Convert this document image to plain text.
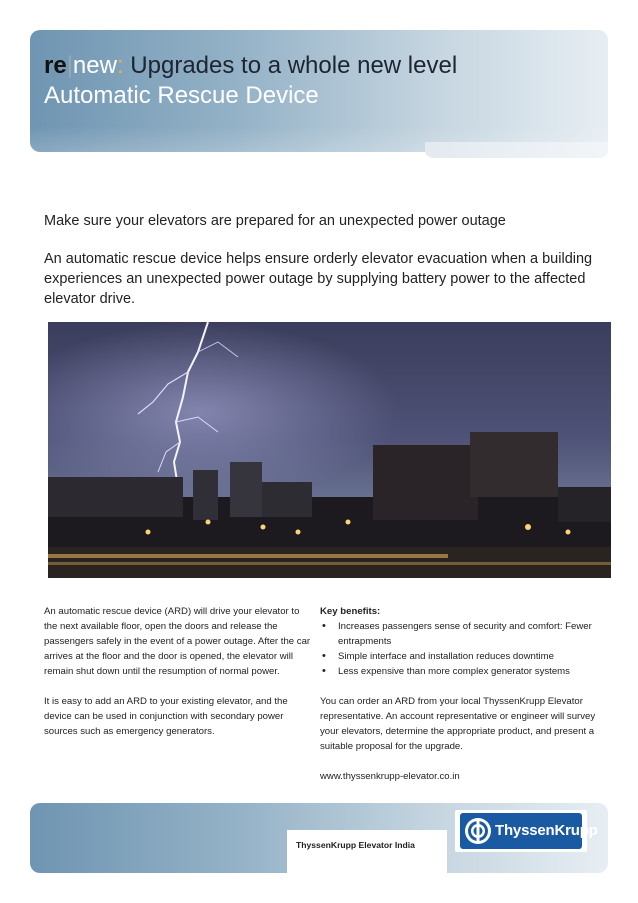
re|new: Upgrades to a whole new level
Automatic Rescue Device
Make sure your elevators are prepared for an unexpected power outage
An automatic rescue device helps ensure orderly elevator evacuation when a building experiences an unexpected power outage by supplying battery power to the affected elevator drive.

An automatic rescue device (ARD) will drive your elevator to the next available floor, open the doors and release the passengers safely in the event of a power outage. After the car arrives at the floor and the door is opened, the elevator will remain shut down until the resumption of normal power.

It is easy to add an ARD to your existing elevator, and the device can be used in conjunction with secondary power sources such as emergency generators.

Key benefits:

• Increases passengers sense of security and comfort: Fewer entrapments
• Simple interface and installation reduces downtime
• Less expensive than more complex generator systems

You can order an ARD from your local ThyssenKrupp Elevator representative. An account representative or engineer will survey your elevators, determine the appropriate product, and present a suitable proposal for the upgrade.

www.thyssenkrupp-elevator.co.in

ThyssenKrupp Elevator India
ThyssenKrupp
